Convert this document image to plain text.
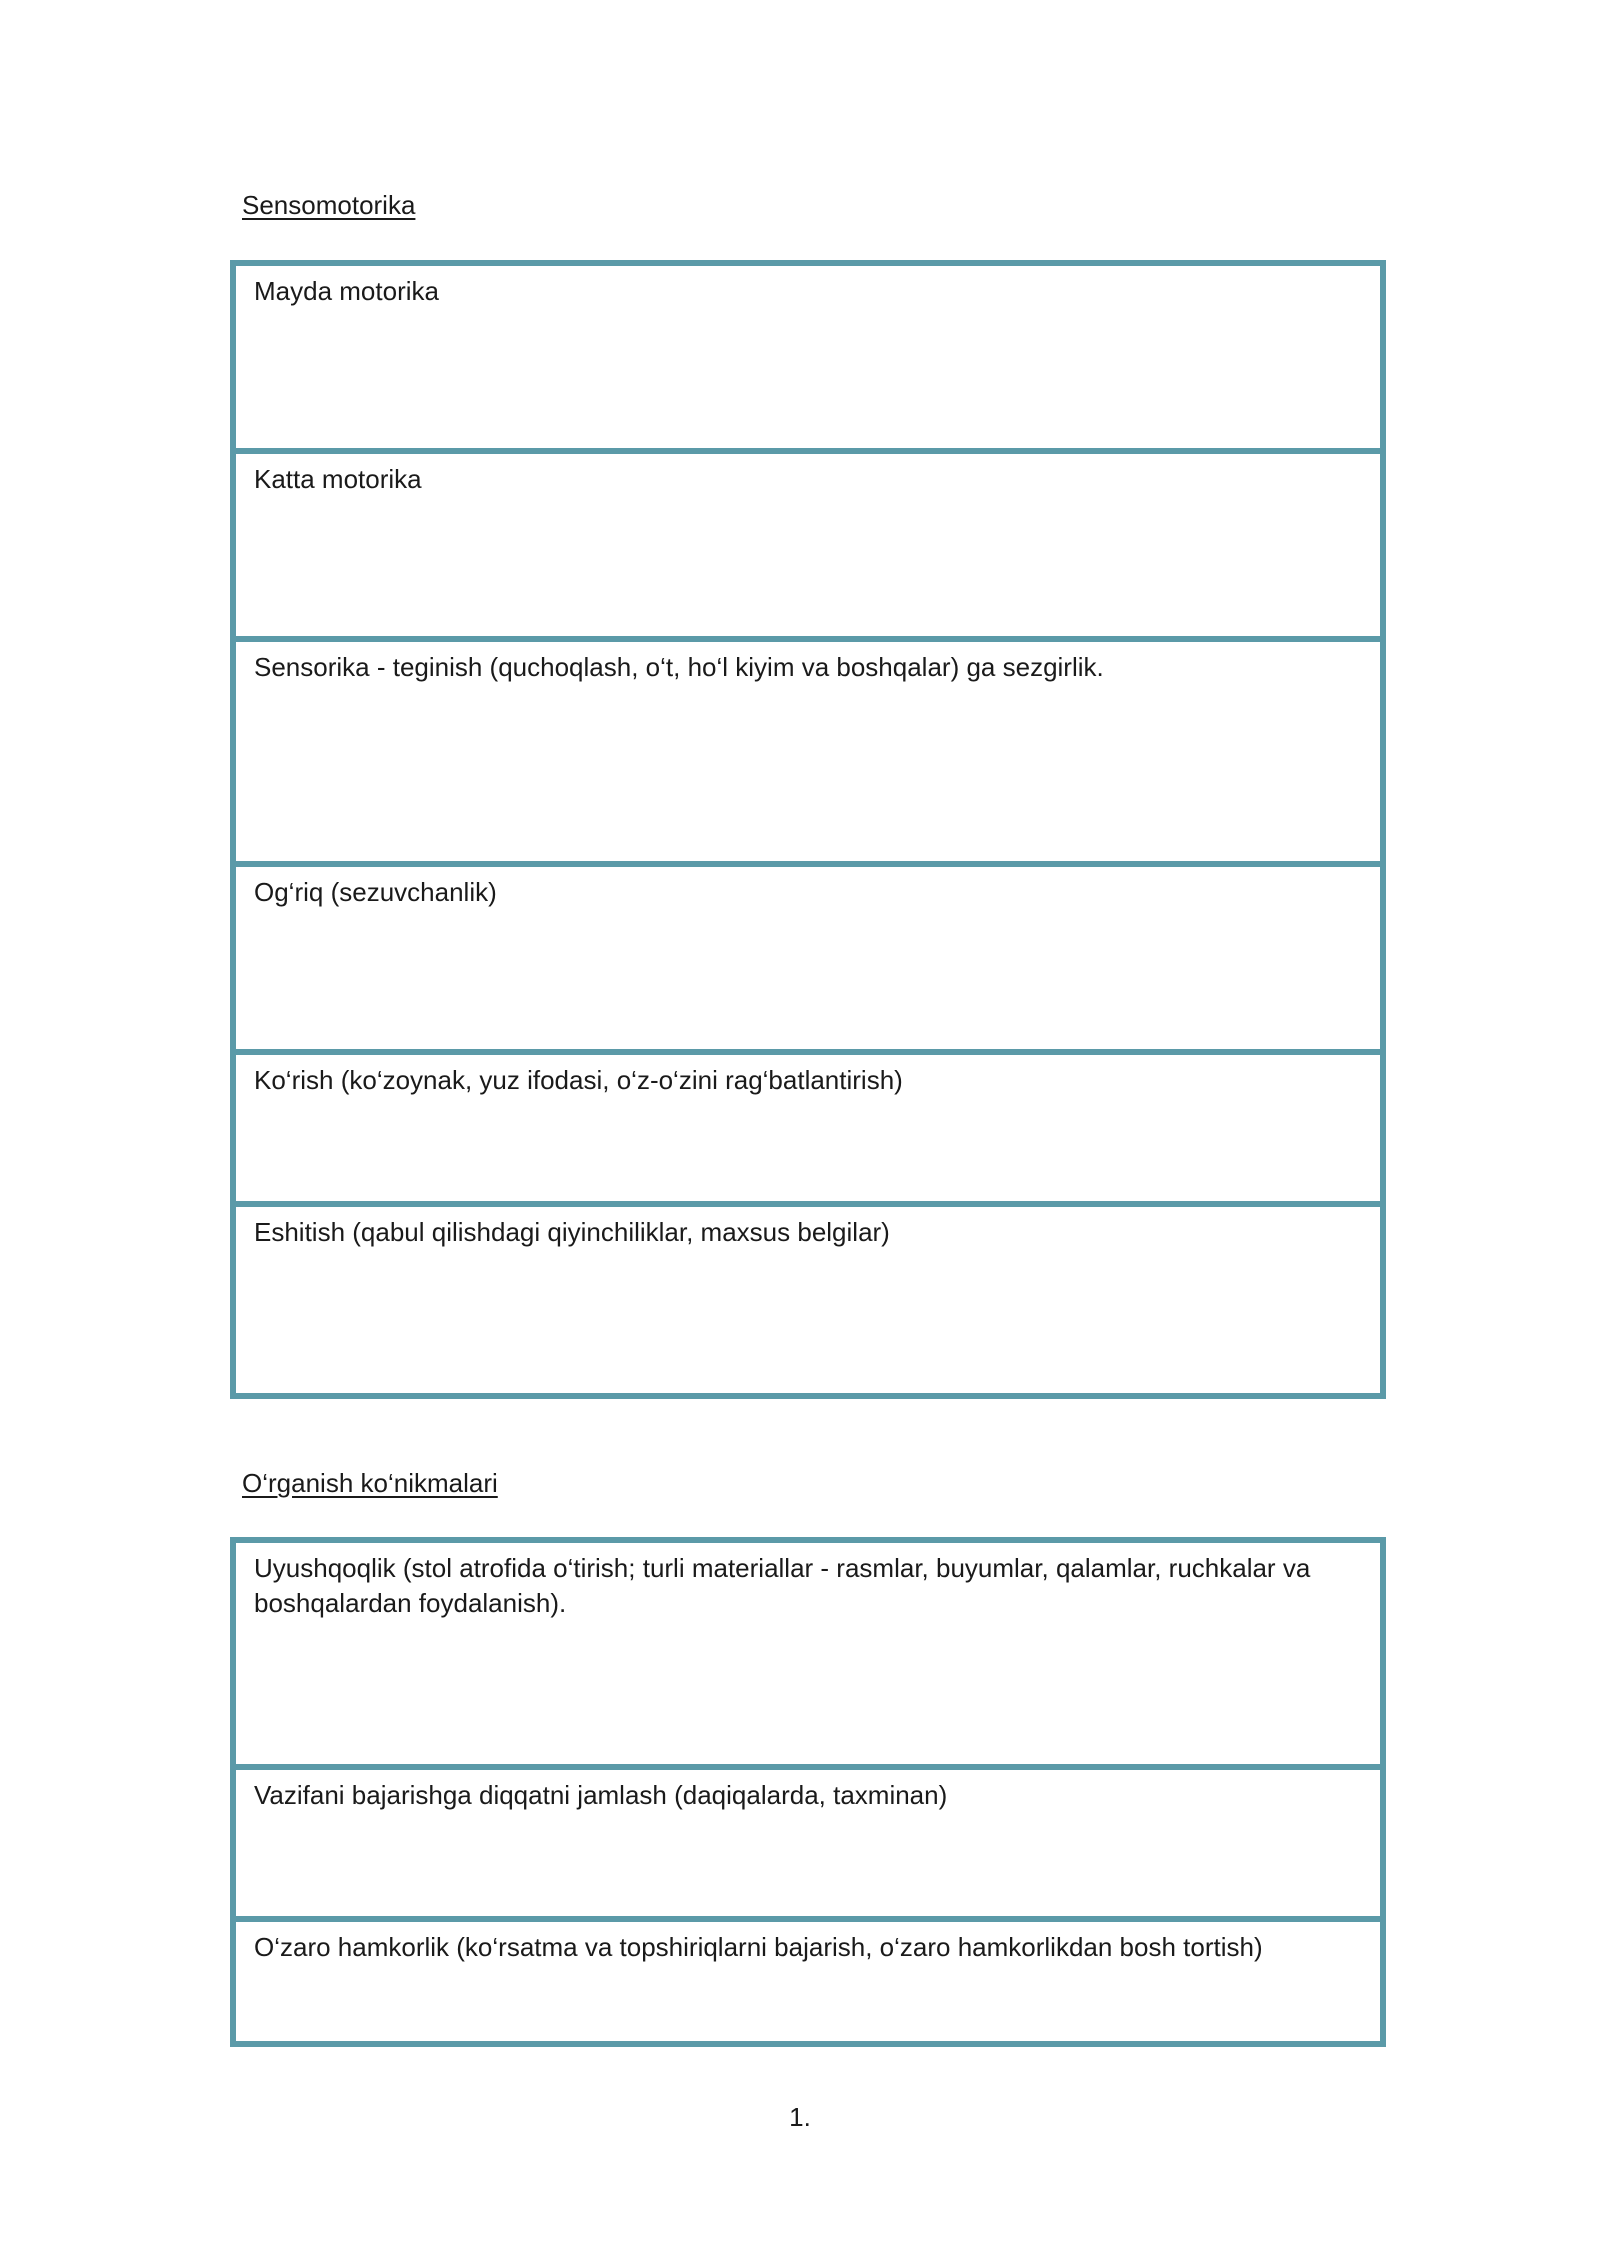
Sensomotorika
Mayda motorika
Katta motorika
Sensorika - teginish (quchoqlash, o‘t, ho‘l kiyim va boshqalar) ga sezgirlik.
Og‘riq (sezuvchanlik)
Ko‘rish (ko‘zoynak, yuz ifodasi, o‘z-o‘zini rag‘batlantirish)
Eshitish (qabul qilishdagi qiyinchiliklar, maxsus belgilar)
O‘rganish ko‘nikmalari
Uyushqoqlik (stol atrofida o‘tirish; turli materiallar - rasmlar, buyumlar, qalamlar, ruchkalar va boshqalardan foydalanish).
Vazifani bajarishga diqqatni jamlash (daqiqalarda, taxminan)
O‘zaro hamkorlik (ko‘rsatma va topshiriqlarni bajarish, o‘zaro hamkorlikdan bosh tortish)
1.
